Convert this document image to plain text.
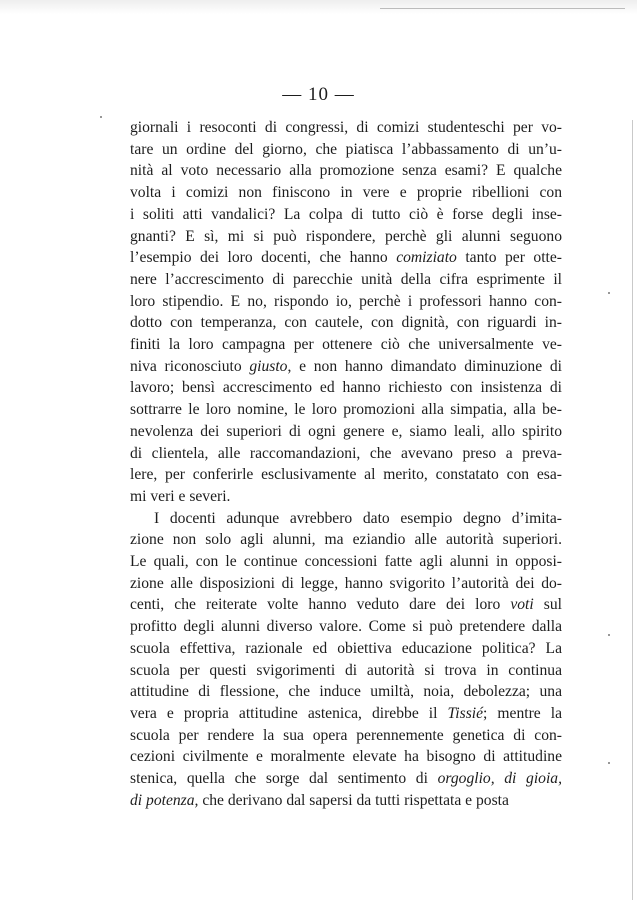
— 10 —
giornali i resoconti di congressi, di comizi studenteschi per vo-
tare un ordine del giorno, che piatisca l’abbassamento di un’u-
nità al voto necessario alla promozione senza esami? E qualche
volta i comizi non finiscono in vere e proprie ribellioni con
i soliti atti vandalici? La colpa di tutto ciò è forse degli inse-
gnanti? E sì, mi si può rispondere, perchè gli alunni seguono
l’esempio dei loro docenti, che hanno comiziato tanto per otte-
nere l’accrescimento di parecchie unità della cifra esprimente il
loro stipendio. E no, rispondo io, perchè i professori hanno con-
dotto con temperanza, con cautele, con dignità, con riguardi in-
finiti la loro campagna per ottenere ciò che universalmente ve-
niva riconosciuto giusto, e non hanno dimandato diminuzione di
lavoro; bensì accrescimento ed hanno richiesto con insistenza di
sottrarre le loro nomine, le loro promozioni alla simpatia, alla be-
nevolenza dei superiori di ogni genere e, siamo leali, allo spirito
di clientela, alle raccomandazioni, che avevano preso a preva-
lere, per conferirle esclusivamente al merito, constatato con esa-
mi veri e severi.
I docenti adunque avrebbero dato esempio degno d’imita-
zione non solo agli alunni, ma eziandio alle autorità superiori.
Le quali, con le continue concessioni fatte agli alunni in opposi-
zione alle disposizioni di legge, hanno svigorito l’autorità dei do-
centi, che reiterate volte hanno veduto dare dei loro voti sul
profitto degli alunni diverso valore. Come si può pretendere dalla
scuola effettiva, razionale ed obiettiva educazione politica? La
scuola per questi svigorimenti di autorità si trova in continua
attitudine di flessione, che induce umiltà, noia, debolezza; una
vera e propria attitudine astenica, direbbe il Tissié; mentre la
scuola per rendere la sua opera perennemente genetica di con-
cezioni civilmente e moralmente elevate ha bisogno di attitudine
stenica, quella che sorge dal sentimento di orgoglio, di gioia,
di potenza, che derivano dal sapersi da tutti rispettata e posta
